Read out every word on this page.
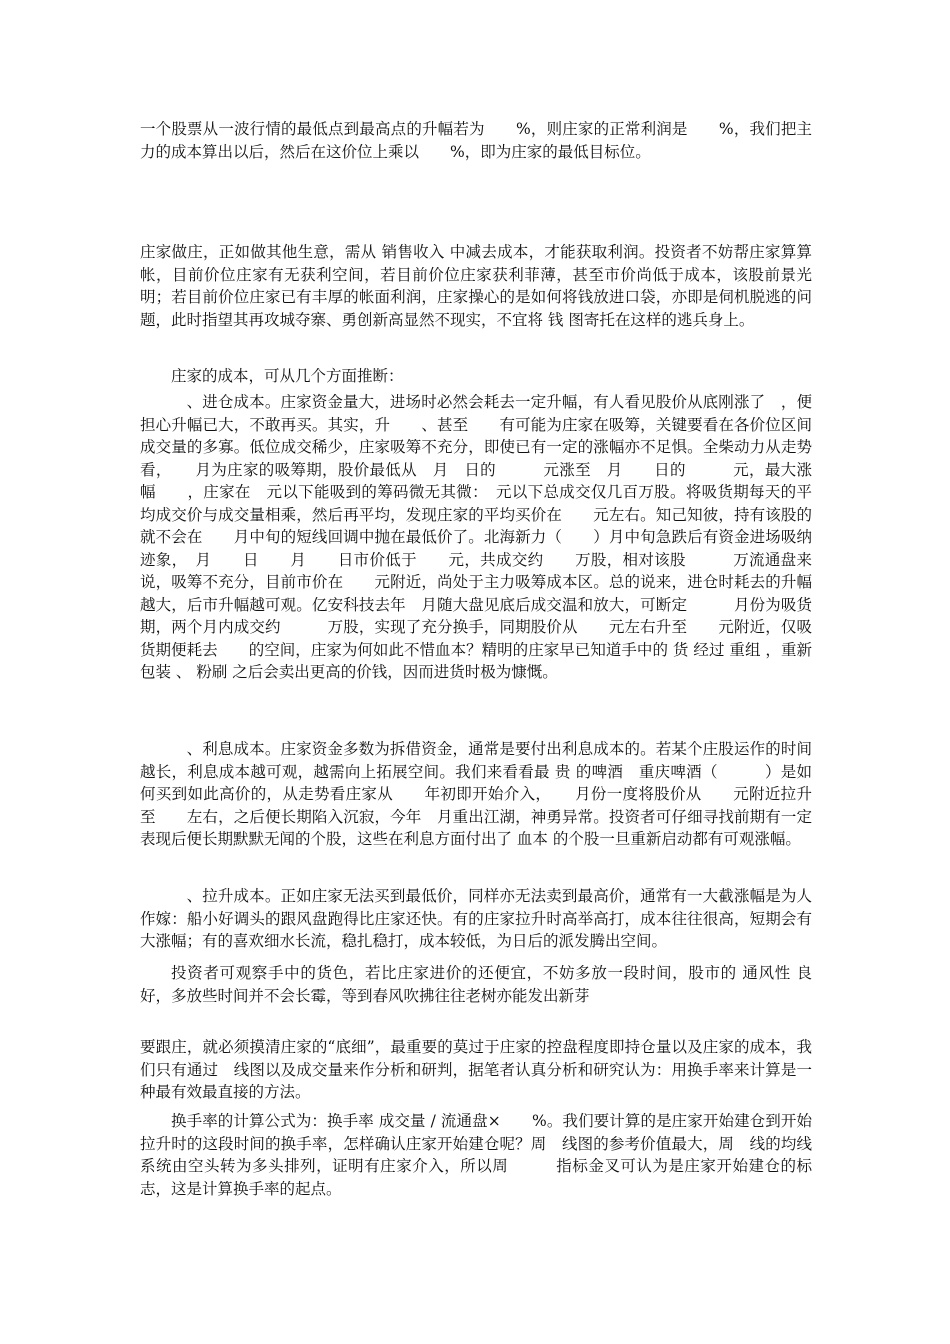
一个股票从一波行情的最低点到最高点的升幅若为　　%，则庄家的正常利润是　　%，我们把主力的成本算出以后，然后在这价位上乘以　　%，即为庄家的最低目标位。

庄家做庄，正如做其他生意，需从 销售收入 中减去成本，才能获取利润。投资者不妨帮庄家算算帐，目前价位庄家有无获利空间，若目前价位庄家获利菲薄，甚至市价尚低于成本，该股前景光明；若目前价位庄家已有丰厚的帐面利润，庄家操心的是如何将钱放进口袋，亦即是伺机脱逃的问题，此时指望其再攻城夺寨、勇创新高显然不现实，不宜将 钱 图寄托在这样的逃兵身上。

庄家的成本，可从几个方面推断：

　、进仓成本。庄家资金量大，进场时必然会耗去一定升幅，有人看见股价从底刚涨了　，便担心升幅已大，不敢再买。其实，升　　、甚至　　有可能为庄家在吸筹，关键要看在各价位区间成交量的多寡。低位成交稀少，庄家吸筹不充分，即使已有一定的涨幅亦不足惧。全柴动力从走势看，　　月为庄家的吸筹期，股价最低从　月　日的　　　元涨至　月　　日的　　　元，最大涨幅　　，庄家在　元以下能吸到的筹码微无其微：　元以下总成交仅几百万股。将吸货期每天的平均成交价与成交量相乘，然后再平均，发现庄家的平均买价在　　元左右。知己知彼，持有该股的就不会在　　月中旬的短线回调中抛在最低价了。北海新力（　　）月中旬急跌后有资金进场吸纳迹象，　月　　日　　月　　日市价低于　　元，共成交约　　万股，相对该股　　　万流通盘来说，吸筹不充分，目前市价在　　元附近，尚处于主力吸筹成本区。总的说来，进仓时耗去的升幅越大，后市升幅越可观。亿安科技去年　月随大盘见底后成交温和放大，可断定　　　月份为吸货期，两个月内成交约　　　万股，实现了充分换手，同期股价从　　元左右升至　　元附近，仅吸货期便耗去　　的空间，庄家为何如此不惜血本？精明的庄家早已知道手中的 货 经过 重组 ，重新 包装 、 粉刷 之后会卖出更高的价钱，因而进货时极为慷慨。

　、利息成本。庄家资金多数为拆借资金，通常是要付出利息成本的。若某个庄股运作的时间越长，利息成本越可观，越需向上拓展空间。我们来看看最 贵 的啤酒　重庆啤酒（　　　）是如何买到如此高价的，从走势看庄家从　　年初即开始介入，　　月份一度将股价从　　元附近拉升至　　左右，之后便长期陷入沉寂，今年　月重出江湖，神勇异常。投资者可仔细寻找前期有一定表现后便长期默默无闻的个股，这些在利息方面付出了 血本 的个股一旦重新启动都有可观涨幅。

　、拉升成本。正如庄家无法买到最低价，同样亦无法卖到最高价，通常有一大截涨幅是为人作嫁：船小好调头的跟风盘跑得比庄家还快。有的庄家拉升时高举高打，成本往往很高，短期会有大涨幅；有的喜欢细水长流，稳扎稳打，成本较低，为日后的派发腾出空间。

投资者可观察手中的货色，若比庄家进价的还便宜，不妨多放一段时间，股市的 通风性 良好，多放些时间并不会长霉，等到春风吹拂往往老树亦能发出新芽

要跟庄，就必须摸清庄家的“底细”，最重要的莫过于庄家的控盘程度即持仓量以及庄家的成本，我们只有通过　线图以及成交量来作分析和研判，据笔者认真分析和研究认为：用换手率来计算是一种最有效最直接的方法。

换手率的计算公式为：换手率 成交量 / 流通盘×　　%。我们要计算的是庄家开始建仓到开始拉升时的这段时间的换手率，怎样确认庄家开始建仓呢？周　线图的参考价值最大，周　线的均线系统由空头转为多头排列，证明有庄家介入，所以周　　　指标金叉可认为是庄家开始建仓的标志，这是计算换手率的起点。
